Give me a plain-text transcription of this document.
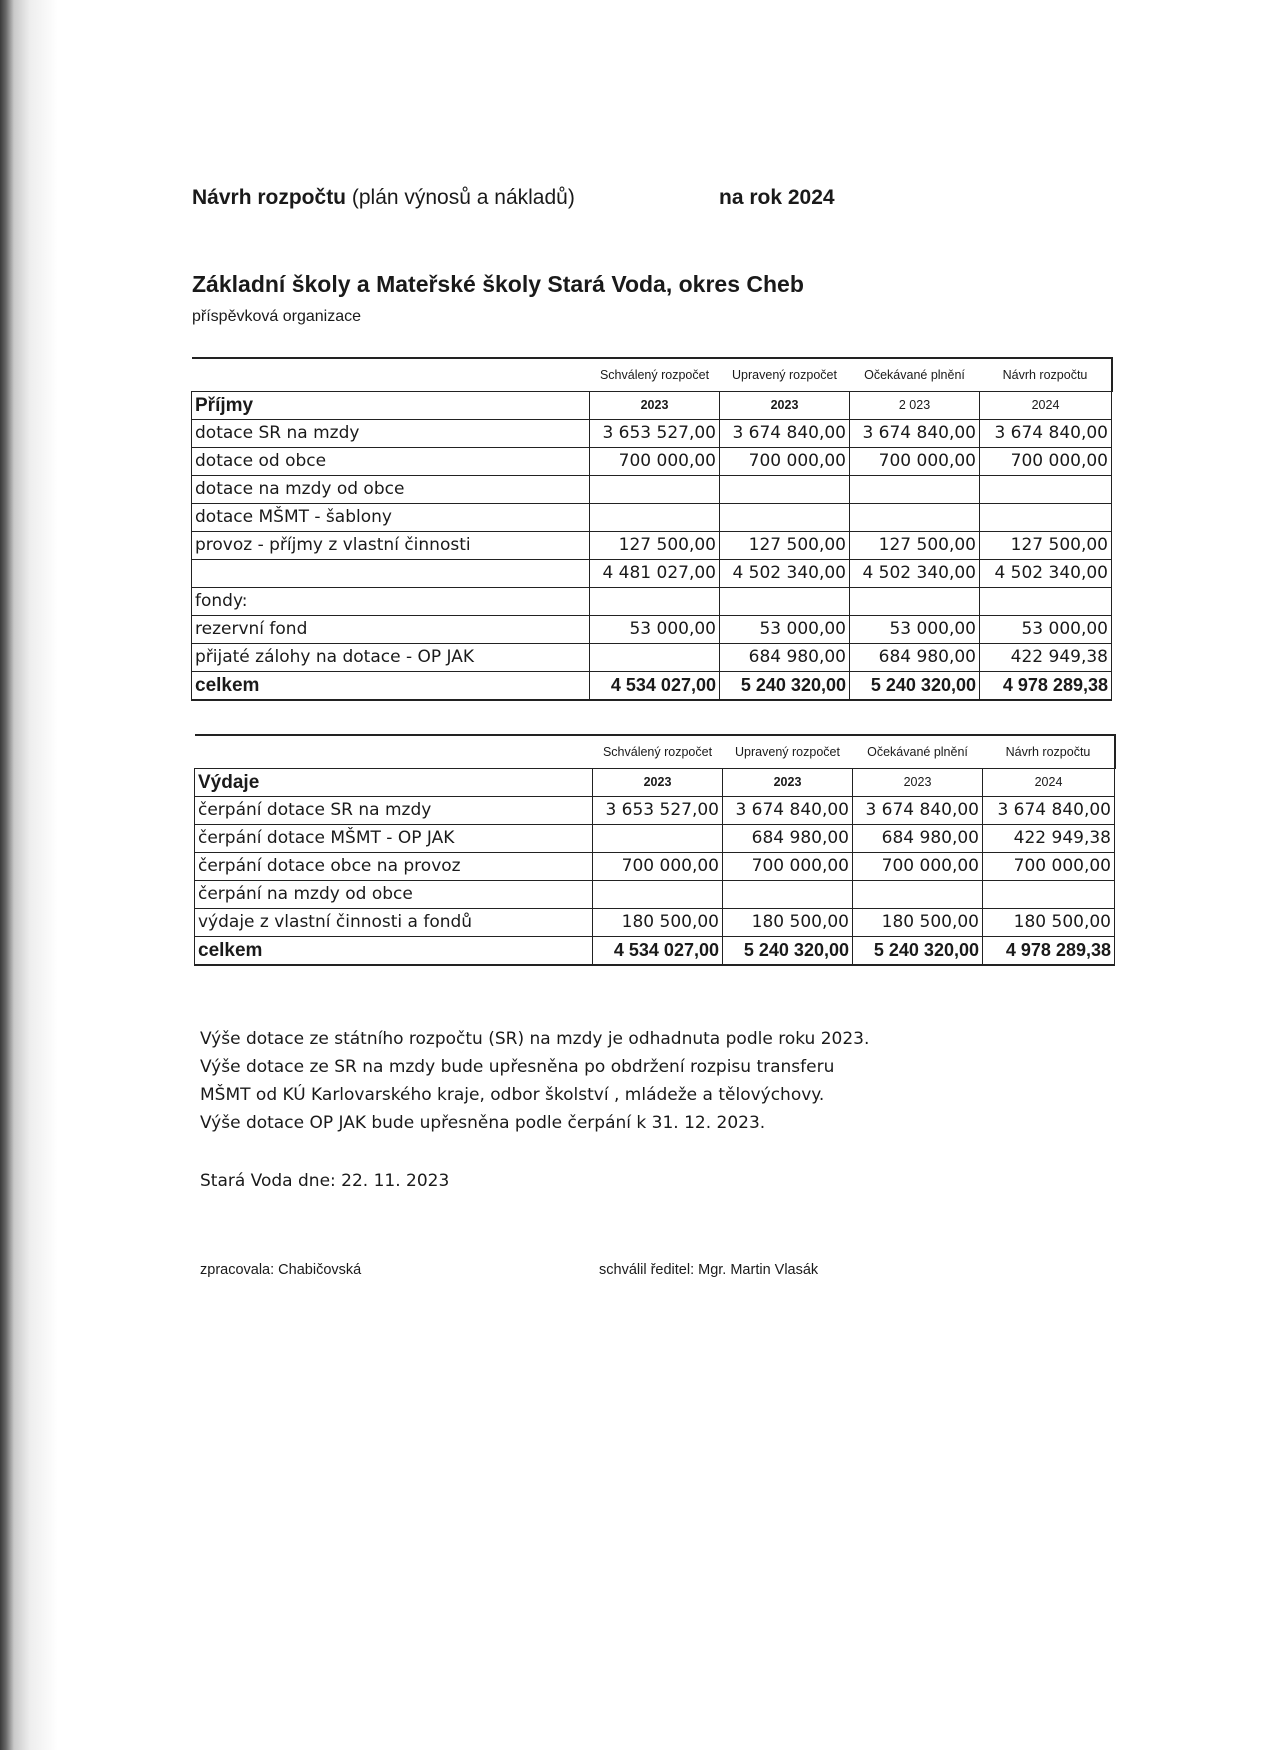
Návrh rozpočtu (plán výnosů a nákladů)	na rok 2024
Základní školy a Mateřské školy Stará Voda, okres Cheb
příspěvková organizace
	Schválený rozpočet	Upravený rozpočet	Očekávané plnění	Návrh rozpočtu
Příjmy	2023	2023	2 023	2024
dotace SR na mzdy	3 653 527,00	3 674 840,00	3 674 840,00	3 674 840,00
dotace od obce	700 000,00	700 000,00	700 000,00	700 000,00
dotace na mzdy od obce				
dotace MŠMT - šablony				
provoz - příjmy z vlastní činnosti	127 500,00	127 500,00	127 500,00	127 500,00
	4 481 027,00	4 502 340,00	4 502 340,00	4 502 340,00
fondy:				
rezervní fond	53 000,00	53 000,00	53 000,00	53 000,00
přijaté zálohy na dotace - OP JAK		684 980,00	684 980,00	422 949,38
celkem	4 534 027,00	5 240 320,00	5 240 320,00	4 978 289,38
	Schválený rozpočet	Upravený rozpočet	Očekávané plnění	Návrh rozpočtu
Výdaje	2023	2023	2023	2024
čerpání dotace SR na mzdy	3 653 527,00	3 674 840,00	3 674 840,00	3 674 840,00
čerpání dotace MŠMT - OP JAK		684 980,00	684 980,00	422 949,38
čerpání dotace obce na provoz	700 000,00	700 000,00	700 000,00	700 000,00
čerpání na mzdy od obce				
výdaje z vlastní činnosti a fondů	180 500,00	180 500,00	180 500,00	180 500,00
celkem	4 534 027,00	5 240 320,00	5 240 320,00	4 978 289,38
Výše dotace ze státního rozpočtu (SR) na mzdy je odhadnuta podle roku 2023.
Výše dotace ze SR na mzdy bude upřesněna po obdržení rozpisu transferu
MŠMT od KÚ Karlovarského kraje, odbor školství , mládeže a tělovýchovy.
Výše dotace OP JAK bude upřesněna podle čerpání k 31. 12. 2023.
Stará Voda dne: 22. 11. 2023
zpracovala: Chabičovská	schválil ředitel: Mgr. Martin Vlasák
